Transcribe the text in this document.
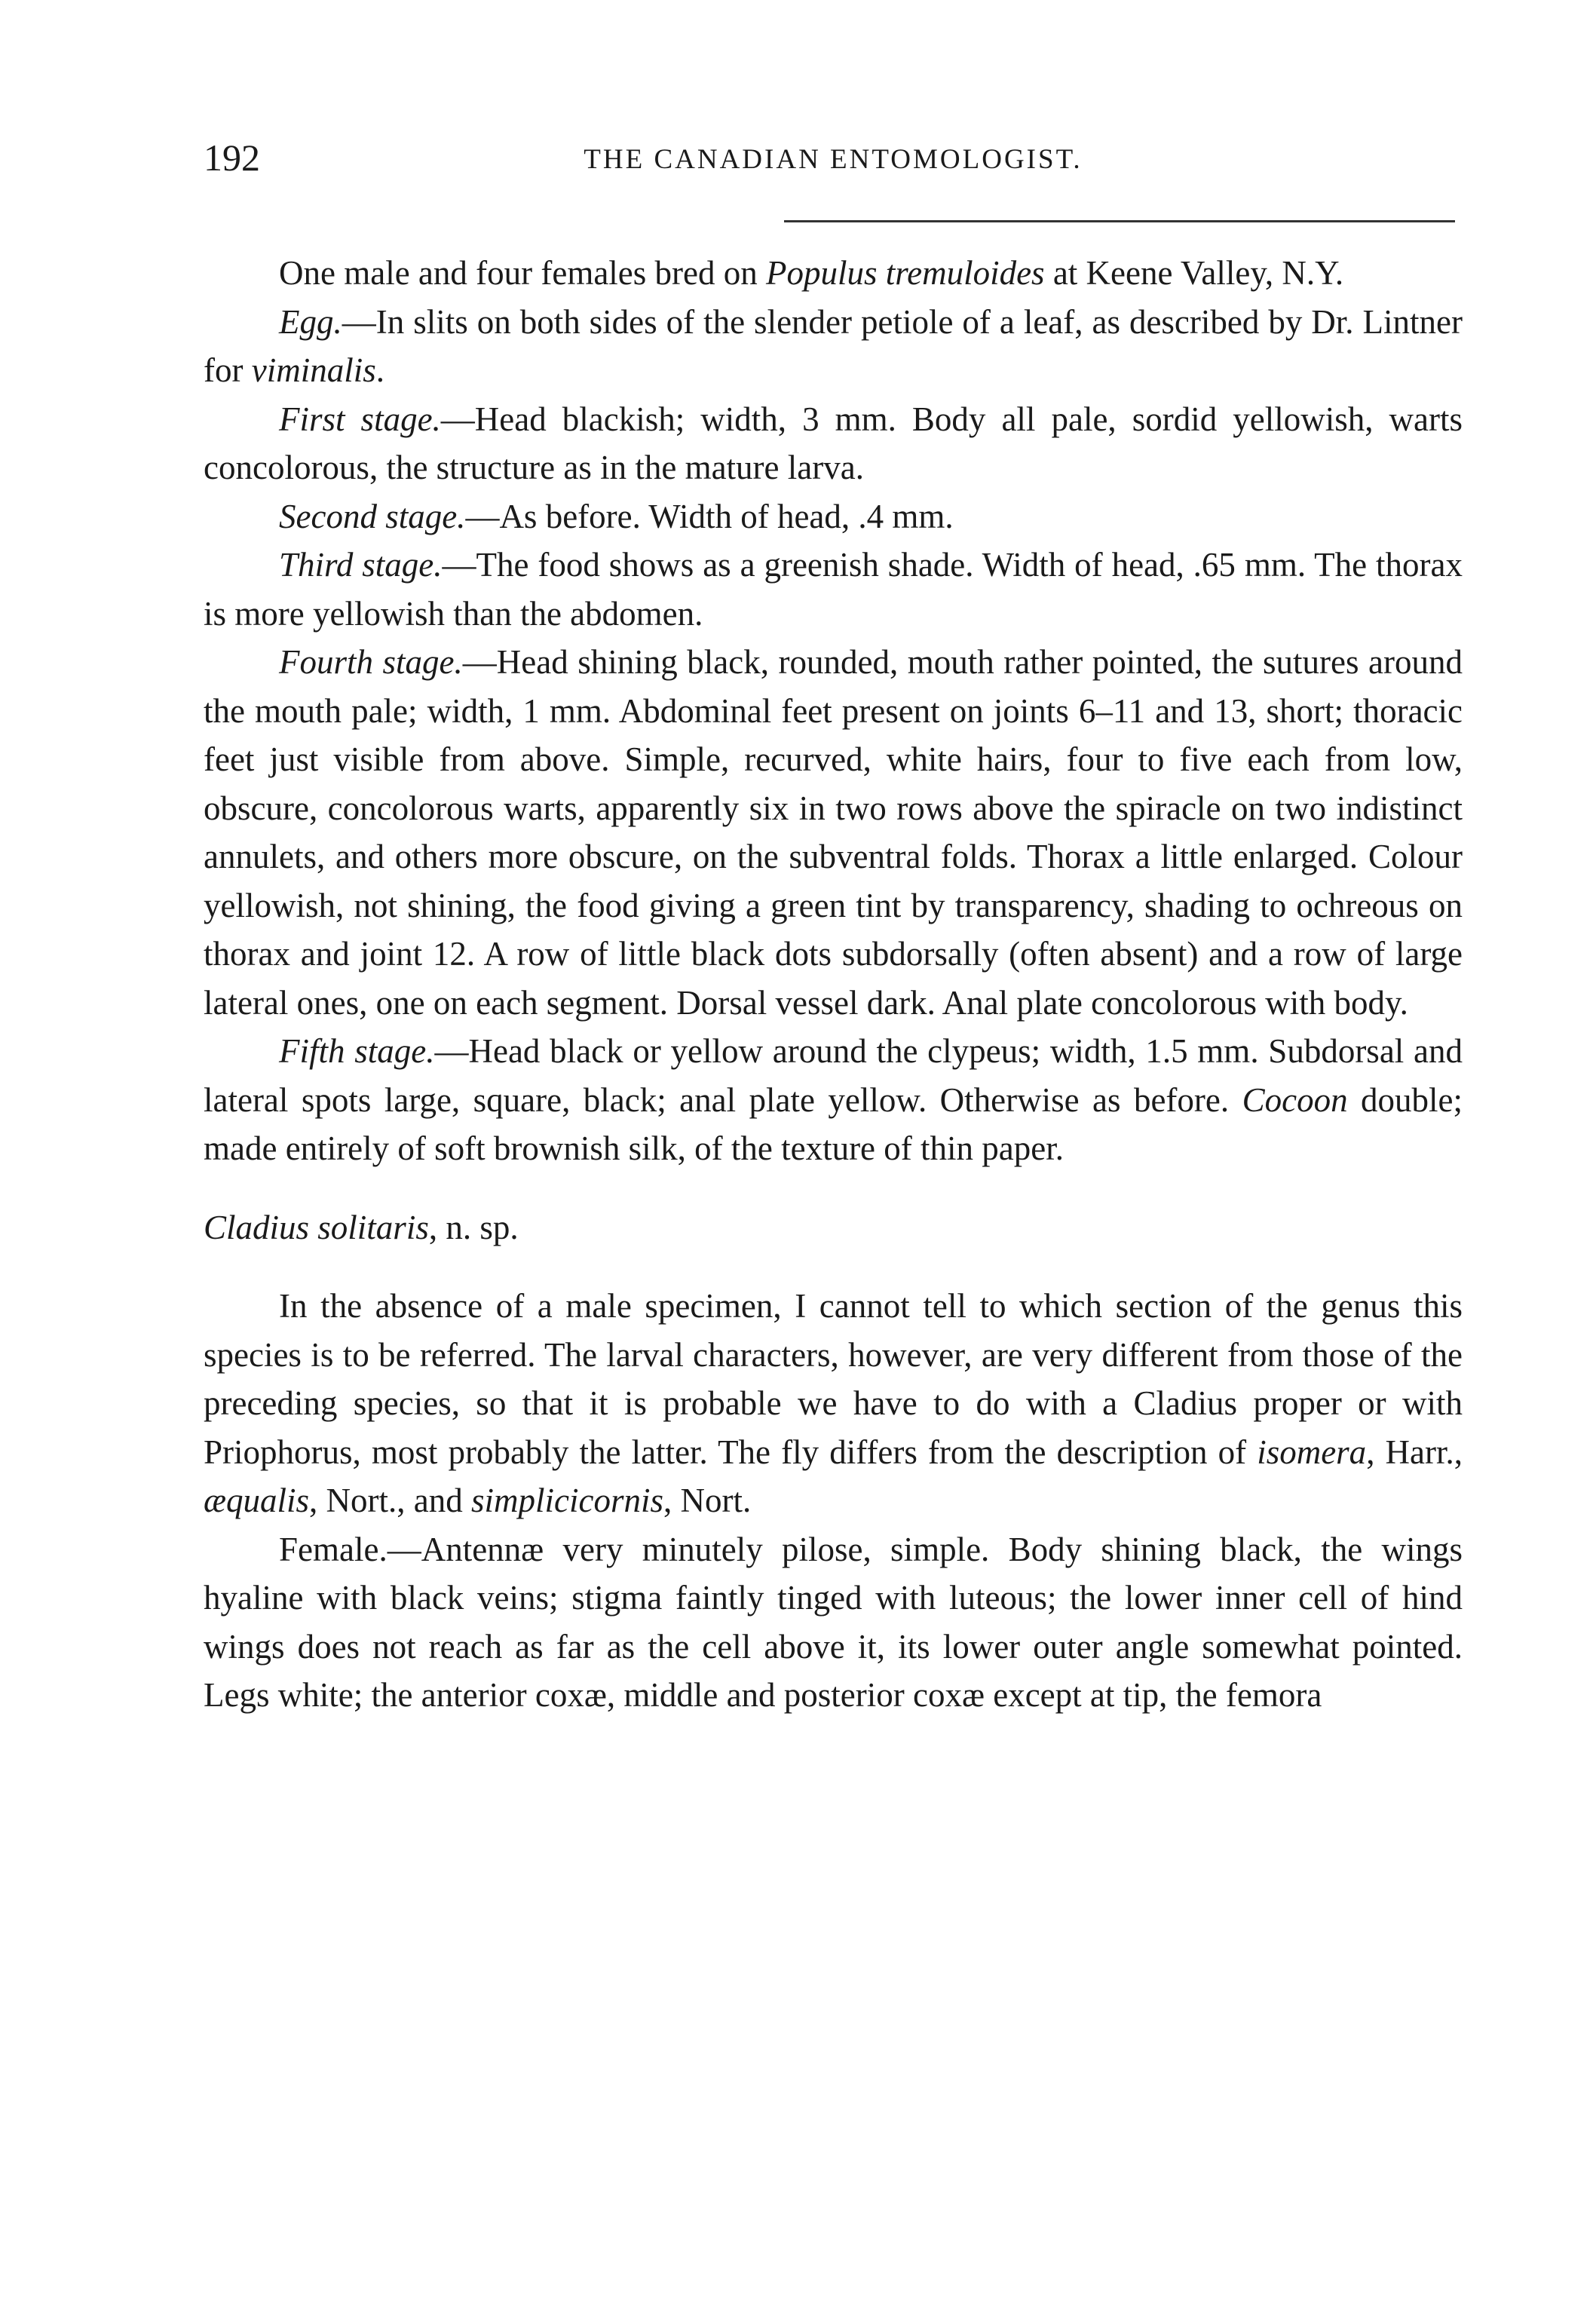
192	THE CANADIAN ENTOMOLOGIST.

One male and four females bred on Populus tremuloides at Keene Valley, N.Y.

Egg.—In slits on both sides of the slender petiole of a leaf, as described by Dr. Lintner for viminalis.

First stage.—Head blackish; width, 3 mm. Body all pale, sordid yellowish, warts concolorous, the structure as in the mature larva.

Second stage.—As before. Width of head, .4 mm.

Third stage.—The food shows as a greenish shade. Width of head, .65 mm. The thorax is more yellowish than the abdomen.

Fourth stage.—Head shining black, rounded, mouth rather pointed, the sutures around the mouth pale; width, 1 mm. Abdominal feet present on joints 6–11 and 13, short; thoracic feet just visible from above. Simple, recurved, white hairs, four to five each from low, obscure, concolorous warts, apparently six in two rows above the spiracle on two indistinct annulets, and others more obscure, on the subventral folds. Thorax a little enlarged. Colour yellowish, not shining, the food giving a green tint by transparency, shading to ochreous on thorax and joint 12. A row of little black dots subdorsally (often absent) and a row of large lateral ones, one on each segment. Dorsal vessel dark. Anal plate concolorous with body.

Fifth stage.—Head black or yellow around the clypeus; width, 1.5 mm. Subdorsal and lateral spots large, square, black; anal plate yellow. Otherwise as before. Cocoon double; made entirely of soft brownish silk, of the texture of thin paper.

Cladius solitaris, n. sp.

In the absence of a male specimen, I cannot tell to which section of the genus this species is to be referred. The larval characters, however, are very different from those of the preceding species, so that it is probable we have to do with a Cladius proper or with Priophorus, most probably the latter. The fly differs from the description of isomera, Harr., æqualis, Nort., and simplicicornis, Nort.

Female.—Antennæ very minutely pilose, simple. Body shining black, the wings hyaline with black veins; stigma faintly tinged with luteous; the lower inner cell of hind wings does not reach as far as the cell above it, its lower outer angle somewhat pointed. Legs white; the anterior coxæ, middle and posterior coxæ except at tip, the femora
